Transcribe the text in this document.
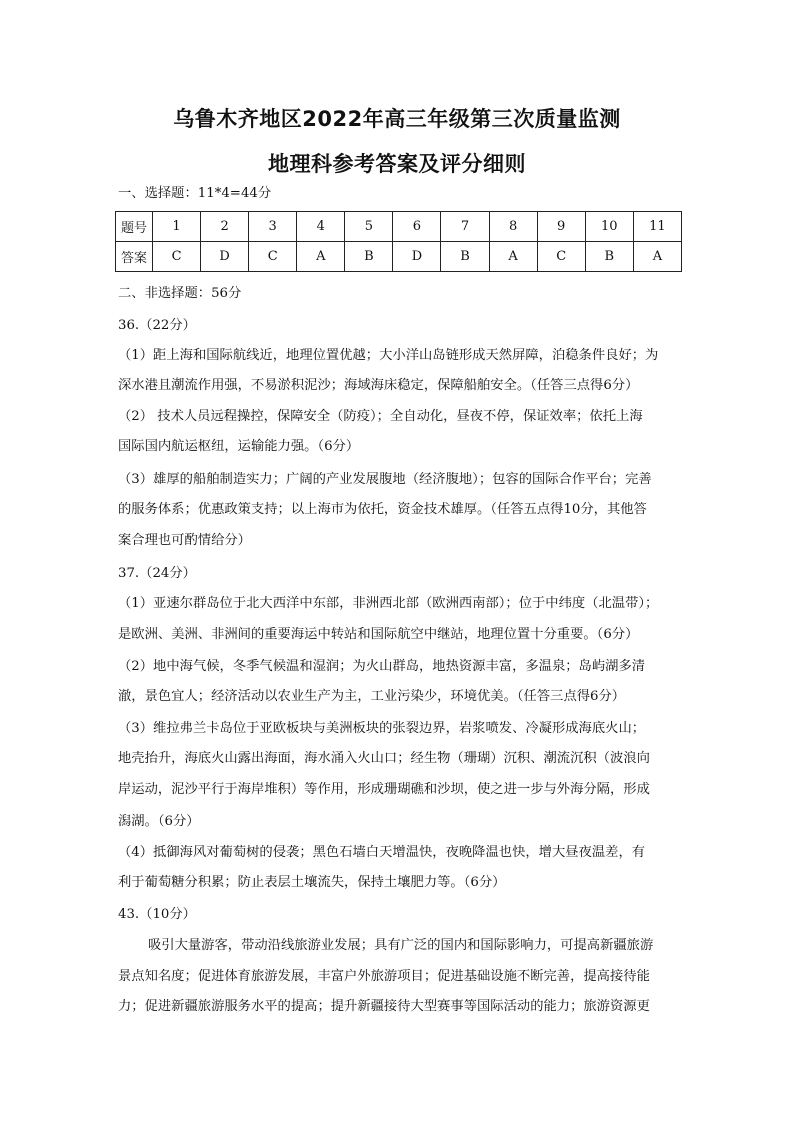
乌鲁木齐地区2022年高三年级第三次质量监测
地理科参考答案及评分细则
一、选择题：11*4=44分
题号	1	2	3	4	5	6	7	8	9	10	11
答案	C	D	C	A	B	D	B	A	C	B	A
二、非选择题：56分
36.（22分）
（1）距上海和国际航线近，地理位置优越；大小洋山岛链形成天然屏障，泊稳条件良好；为
深水港且潮流作用强，不易淤积泥沙；海域海床稳定，保障船舶安全。（任答三点得6分）
（2） 技术人员远程操控，保障安全（防疫）；全自动化，昼夜不停，保证效率；依托上海
国际国内航运枢纽，运输能力强。（6分）
（3）雄厚的船舶制造实力；广阔的产业发展腹地（经济腹地）；包容的国际合作平台；完善
的服务体系；优惠政策支持；以上海市为依托，资金技术雄厚。（任答五点得10分，其他答
案合理也可酌情给分）
37.（24分）
（1）亚速尔群岛位于北大西洋中东部，非洲西北部（欧洲西南部）；位于中纬度（北温带）；
是欧洲、美洲、非洲间的重要海运中转站和国际航空中继站，地理位置十分重要。（6分）
（2）地中海气候，冬季气候温和湿润；为火山群岛，地热资源丰富，多温泉；岛屿湖多清
澈，景色宜人；经济活动以农业生产为主，工业污染少，环境优美。（任答三点得6分）
（3）维拉弗兰卡岛位于亚欧板块与美洲板块的张裂边界，岩浆喷发、冷凝形成海底火山；
地壳抬升，海底火山露出海面，海水涌入火山口；经生物（珊瑚）沉积、潮流沉积（波浪向
岸运动，泥沙平行于海岸堆积）等作用，形成珊瑚礁和沙坝，使之进一步与外海分隔，形成
潟湖。（6分）
（4）抵御海风对葡萄树的侵袭；黑色石墙白天增温快，夜晚降温也快，增大昼夜温差，有
利于葡萄糖分积累；防止表层土壤流失，保持土壤肥力等。（6分）
43.（10分）
吸引大量游客，带动沿线旅游业发展；具有广泛的国内和国际影响力，可提高新疆旅游
景点知名度；促进体育旅游发展，丰富户外旅游项目；促进基础设施不断完善，提高接待能
力；促进新疆旅游服务水平的提高；提升新疆接待大型赛事等国际活动的能力；旅游资源更
